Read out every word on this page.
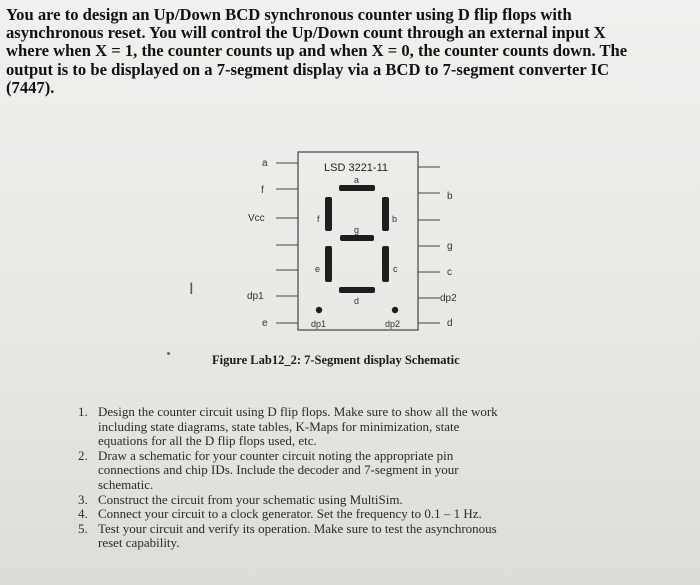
You are to design an Up/Down BCD synchronous counter using D flip flops with

asynchronous reset. You will control the Up/Down count through an external input X

where when X = 1, the counter counts up and when X = 0, the counter counts down. The

output is to be displayed on a 7-segment display via a BCD to 7-segment converter IC

(7447).

LSD 3221-11
a
f
Vcc
dp1
e
b
g
c
dp2
d
a
f
g
b
e	c
d
dp1	dp2
I
Figure Lab12_2: 7-Segment display Schematic
1. Design the counter circuit using D flip flops. Make sure to show all the work
including state diagrams, state tables, K-Maps for minimization, state
equations for all the D flip flops used, etc.
2. Draw a schematic for your counter circuit noting the appropriate pin
connections and chip IDs. Include the decoder and 7-segment in your
schematic.
3. Construct the circuit from your schematic using MultiSim.
4. Connect your circuit to a clock generator. Set the frequency to 0.1 – 1 Hz.
5. Test your circuit and verify its operation. Make sure to test the asynchronous
reset capability.
